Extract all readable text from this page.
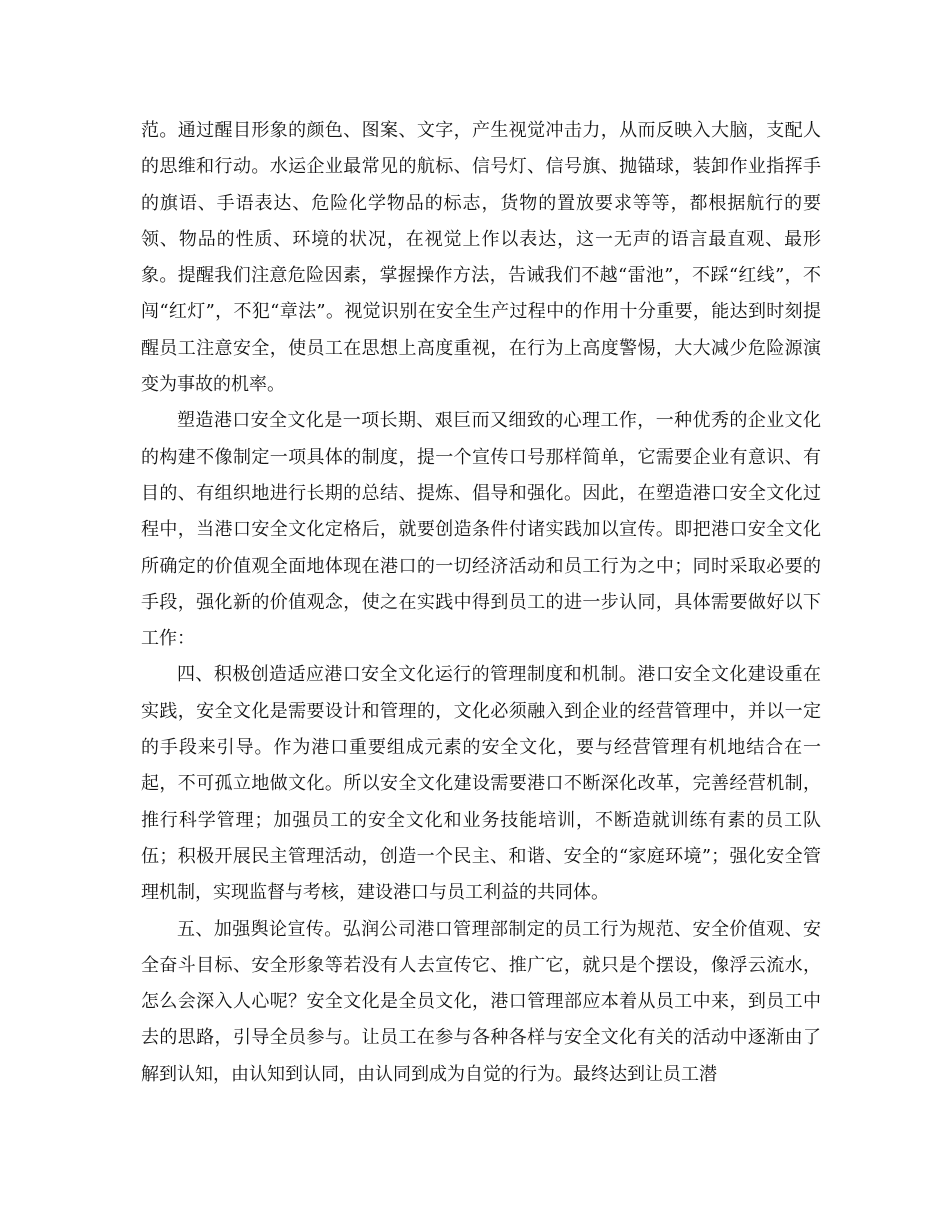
范。通过醒目形象的颜色、图案、文字，产生视觉冲击力，从而反映入大脑，支配人的思维和行动。水运企业最常见的航标、信号灯、信号旗、抛锚球，装卸作业指挥手的旗语、手语表达、危险化学物品的标志，货物的置放要求等等，都根据航行的要领、物品的性质、环境的状况，在视觉上作以表达，这一无声的语言最直观、最形象。提醒我们注意危险因素，掌握操作方法，告诫我们不越“雷池”，不踩“红线”，不闯“红灯”，不犯“章法”。视觉识别在安全生产过程中的作用十分重要，能达到时刻提醒员工注意安全，使员工在思想上高度重视，在行为上高度警惕，大大减少危险源演变为事故的机率。

塑造港口安全文化是一项长期、艰巨而又细致的心理工作，一种优秀的企业文化的构建不像制定一项具体的制度，提一个宣传口号那样简单，它需要企业有意识、有目的、有组织地进行长期的总结、提炼、倡导和强化。因此，在塑造港口安全文化过程中，当港口安全文化定格后，就要创造条件付诸实践加以宣传。即把港口安全文化所确定的价值观全面地体现在港口的一切经济活动和员工行为之中；同时采取必要的手段，强化新的价值观念，使之在实践中得到员工的进一步认同，具体需要做好以下工作：

四、积极创造适应港口安全文化运行的管理制度和机制。港口安全文化建设重在实践，安全文化是需要设计和管理的，文化必须融入到企业的经营管理中，并以一定的手段来引导。作为港口重要组成元素的安全文化，要与经营管理有机地结合在一起，不可孤立地做文化。所以安全文化建设需要港口不断深化改革，完善经营机制，推行科学管理；加强员工的安全文化和业务技能培训，不断造就训练有素的员工队伍；积极开展民主管理活动，创造一个民主、和谐、安全的“家庭环境”；强化安全管理机制，实现监督与考核，建设港口与员工利益的共同体。

五、加强舆论宣传。弘润公司港口管理部制定的员工行为规范、安全价值观、安全奋斗目标、安全形象等若没有人去宣传它、推广它，就只是个摆设，像浮云流水，怎么会深入人心呢？安全文化是全员文化，港口管理部应本着从员工中来，到员工中去的思路，引导全员参与。让员工在参与各种各样与安全文化有关的活动中逐渐由了解到认知，由认知到认同，由认同到成为自觉的行为。最终达到让员工潜
